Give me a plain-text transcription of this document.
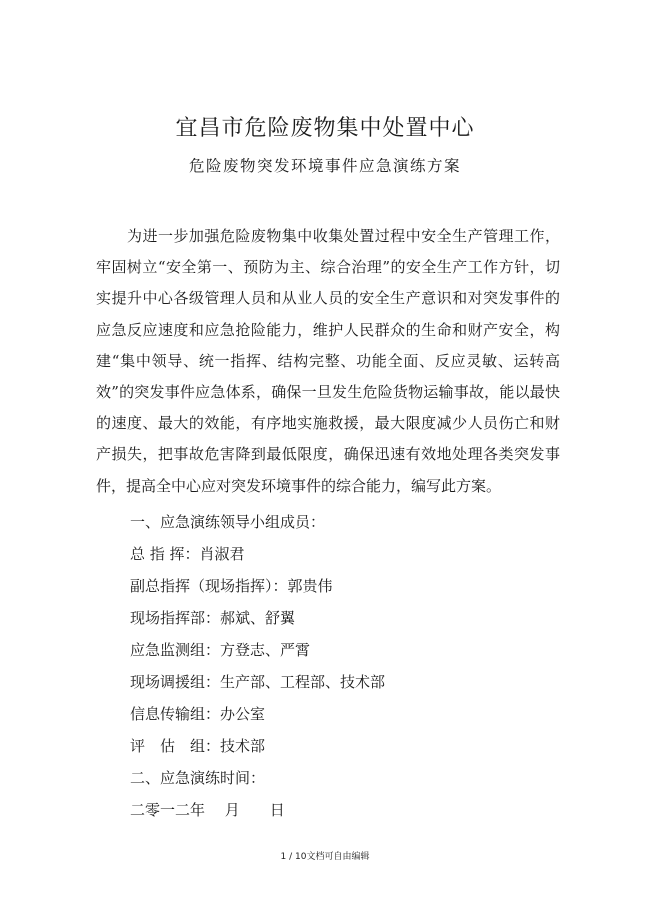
宜昌市危险废物集中处置中心
危险废物突发环境事件应急演练方案

为进一步加强危险废物集中收集处置过程中安全生产管理工作，牢固树立“安全第一、预防为主、综合治理”的安全生产工作方针，切实提升中心各级管理人员和从业人员的安全生产意识和对突发事件的应急反应速度和应急抢险能力，维护人民群众的生命和财产安全，构建“集中领导、统一指挥、结构完整、功能全面、反应灵敏、运转高效”的突发事件应急体系，确保一旦发生危险货物运输事故，能以最快的速度、最大的效能，有序地实施救援，最大限度减少人员伤亡和财产损失，把事故危害降到最低限度，确保迅速有效地处理各类突发事件，提高全中心应对突发环境事件的综合能力，编写此方案。

一、应急演练领导小组成员：

总 指 挥：肖淑君

副总指挥（现场指挥）：郭贵伟

现场指挥部：郝斌、舒翼

应急监测组：方登志、严霄

现场调援组：生产部、工程部、技术部

信息传输组：办公室

评　估　组：技术部

二、应急演练时间：

二零一二年　 月　　日

1 / 10文档可自由编辑
